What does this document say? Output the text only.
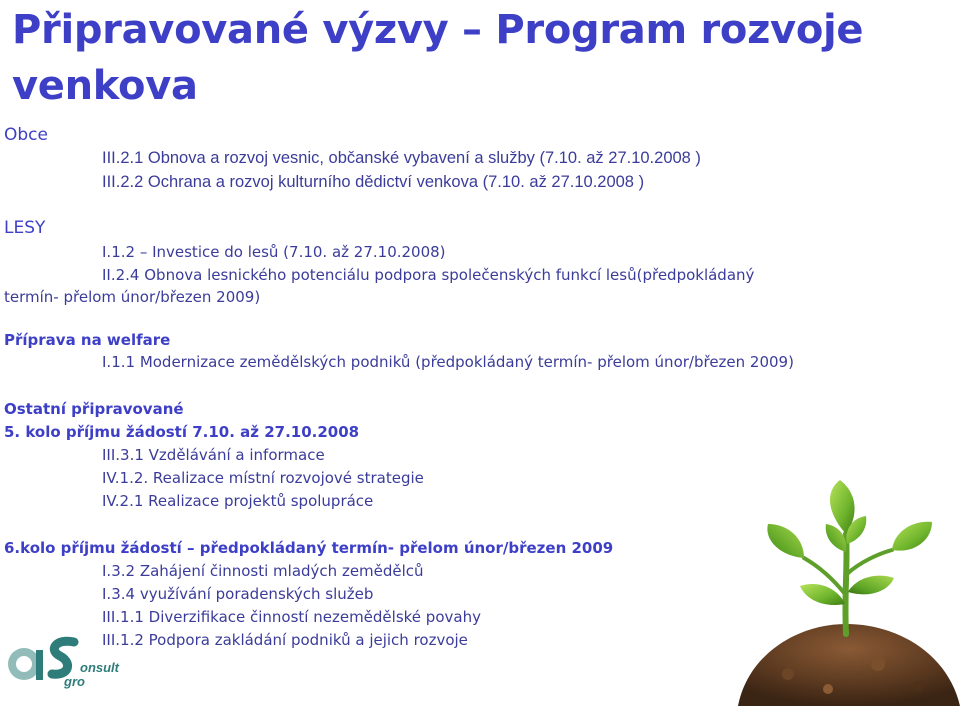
Připravované výzvy – Program rozvoje venkova
Obce
III.2.1 Obnova a rozvoj vesnic, občanské vybavení a služby (7.10. až 27.10.2008 )
III.2.2 Ochrana a rozvoj kulturního dědictví venkova (7.10. až 27.10.2008 )
LESY
I.1.2 – Investice do lesů (7.10. až 27.10.2008)
II.2.4 Obnova lesnického potenciálu podpora společenských funkcí lesů(předpokládaný
termín- přelom únor/březen 2009)
Příprava na welfare
I.1.1 Modernizace zemědělských podniků (předpokládaný termín- přelom únor/březen 2009)
Ostatní připravované
5. kolo příjmu žádostí 7.10. až 27.10.2008
III.3.1 Vzdělávání a informace
IV.1.2. Realizace místní rozvojové strategie
IV.2.1 Realizace projektů spolupráce
6.kolo příjmu žádostí – předpokládaný termín- přelom únor/březen 2009
I.3.2 Zahájení činnosti mladých zemědělců
I.3.4 využívání poradenských služeb
III.1.1 Diverzifikace činností nezemědělské povahy
III.1.2 Podpora zakládání podniků a jejich rozvoje
gro
onsult
